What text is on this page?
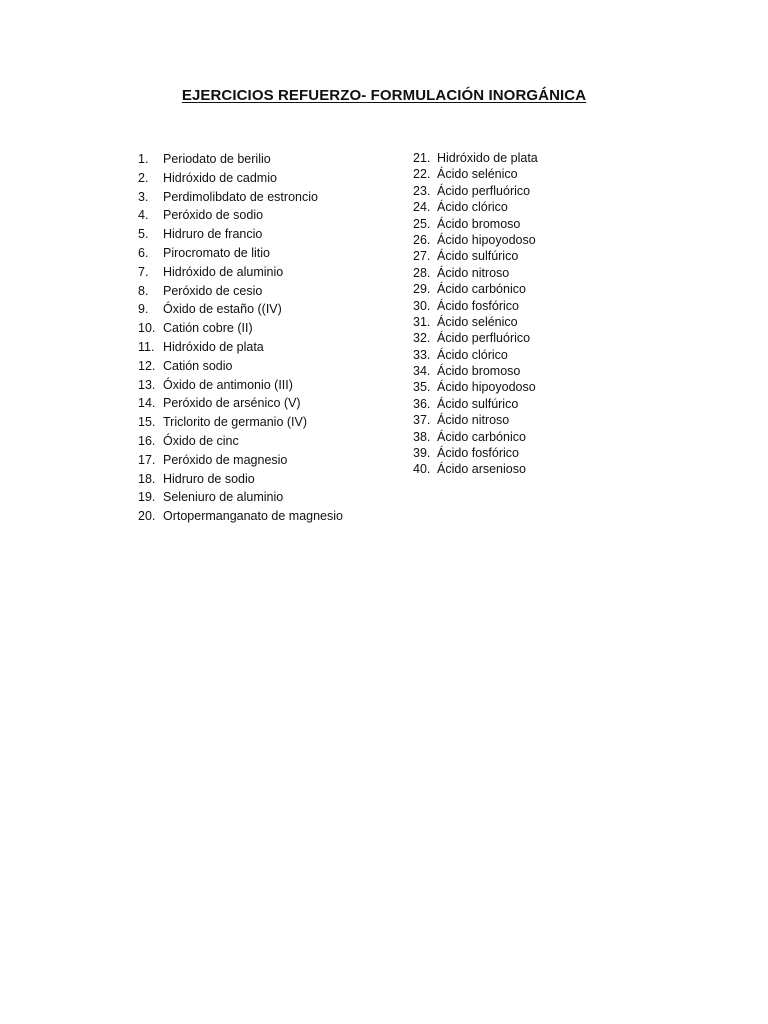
EJERCICIOS REFUERZO- FORMULACIÓN INORGÁNICA
1.	Periodato de berilio
2.	Hidróxido de cadmio
3.	Perdimolibdato de estroncio
4.	Peróxido de sodio
5.	Hidruro de francio
6.	Pirocromato de litio
7.	Hidróxido de aluminio
8.	Peróxido de cesio
9.	Óxido de estaño ((IV)
10. Catión cobre (II)
11. Hidróxido de plata
12. Catión sodio
13. Óxido de antimonio (III)
14. Peróxido de arsénico (V)
15. Triclorito de germanio (IV)
16. Óxido de cinc
17. Peróxido de magnesio
18. Hidruro de sodio
19. Seleniuro de aluminio
20. Ortopermanganato de magnesio
21. Hidróxido de plata
22. Ácido selénico
23. Ácido perfluórico
24. Ácido clórico
25. Ácido bromoso
26. Ácido hipoyodoso
27. Ácido sulfúrico
28. Ácido nitroso
29. Ácido carbónico
30. Ácido fosfórico
31. Ácido selénico
32. Ácido perfluórico
33. Ácido clórico
34. Ácido bromoso
35. Ácido hipoyodoso
36. Ácido sulfúrico
37. Ácido nitroso
38. Ácido carbónico
39. Ácido fosfórico
40. Ácido arsenioso
